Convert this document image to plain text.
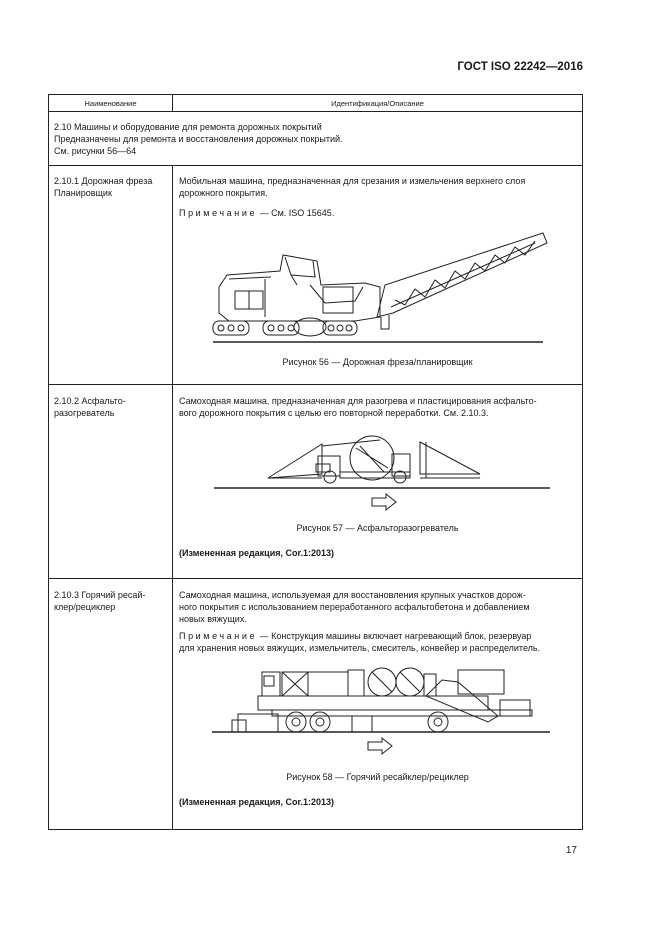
ГОСТ ISO 22242—2016
Наименование	Идентификация/Описание
2.10 Машины и оборудование для ремонта дорожных покрытий
Предназначены для ремонта и восстановления дорожных покрытий.
См. рисунки 56—64
2.10.1 Дорожная фреза
Планировщик
Мобильная машина, предназначенная для срезания и измельчения верхнего слоя
дорожного покрытия.
Примечание — См. ISO 15645.
Рисунок 56 — Дорожная фреза/планировщик
2.10.2 Асфальто-
разогреватель
Самоходная машина, предназначенная для разогрева и пластицирования асфальто-
вого дорожного покрытия с целью его повторной переработки. См. 2.10.3.
Рисунок 57 — Асфальторазогреватель
(Измененная редакция, Cor.1:2013)
2.10.3 Горячий ресай-
клер/рециклер
Самоходная машина, используемая для восстановления крупных участков дорож-
ного покрытия с использованием переработанного асфальтобетона и добавлением
новых вяжущих.
Примечание — Конструкция машины включает нагревающий блок, резервуар
для хранения новых вяжущих, измельчитель, смеситель, конвейер и распределитель.
Рисунок 58 — Горячий ресайклер/рециклер
(Измененная редакция, Cor.1:2013)
17
